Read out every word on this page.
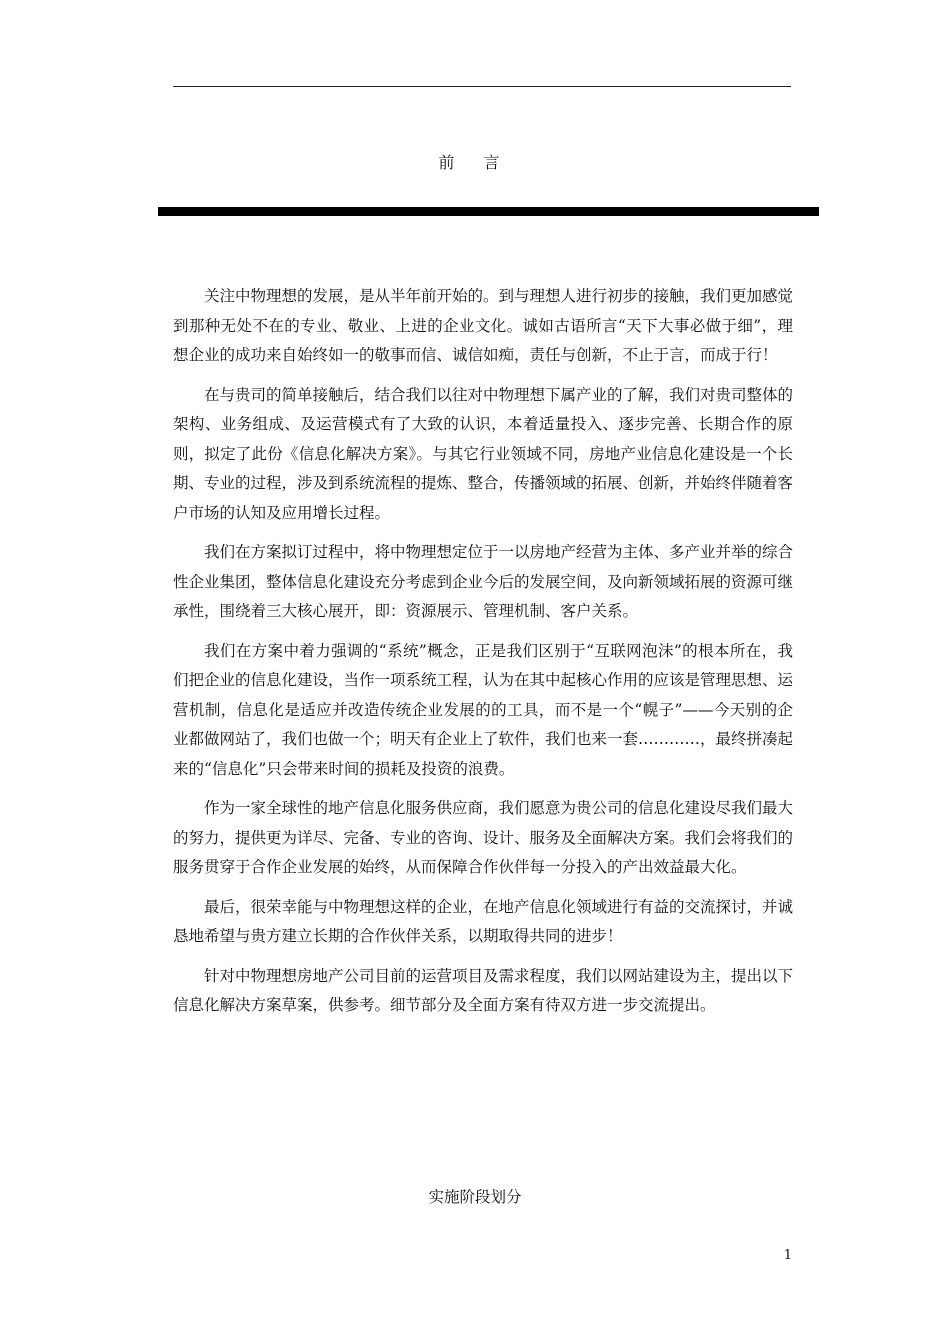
前 言

关注中物理想的发展，是从半年前开始的。到与理想人进行初步的接触，我们更加感觉到那种无处不在的专业、敬业、上进的企业文化。诚如古语所言“天下大事必做于细”，理想企业的成功来自始终如一的敬事而信、诚信如痴，责任与创新，不止于言，而成于行！

在与贵司的简单接触后，结合我们以往对中物理想下属产业的了解，我们对贵司整体的架构、业务组成、及运营模式有了大致的认识，本着适量投入、逐步完善、长期合作的原则，拟定了此份《信息化解决方案》。与其它行业领域不同，房地产业信息化建设是一个长期、专业的过程，涉及到系统流程的提炼、整合，传播领域的拓展、创新，并始终伴随着客户市场的认知及应用增长过程。

我们在方案拟订过程中，将中物理想定位于一以房地产经营为主体、多产业并举的综合性企业集团，整体信息化建设充分考虑到企业今后的发展空间，及向新领域拓展的资源可继承性，围绕着三大核心展开，即：资源展示、管理机制、客户关系。

我们在方案中着力强调的“系统”概念，正是我们区别于“互联网泡沫”的根本所在，我们把企业的信息化建设，当作一项系统工程，认为在其中起核心作用的应该是管理思想、运营机制，信息化是适应并改造传统企业发展的的工具，而不是一个“幌子”——今天别的企业都做网站了，我们也做一个；明天有企业上了软件，我们也来一套…………，最终拼凑起来的“信息化”只会带来时间的损耗及投资的浪费。

作为一家全球性的地产信息化服务供应商，我们愿意为贵公司的信息化建设尽我们最大的努力，提供更为详尽、完备、专业的咨询、设计、服务及全面解决方案。我们会将我们的服务贯穿于合作企业发展的始终，从而保障合作伙伴每一分投入的产出效益最大化。

最后，很荣幸能与中物理想这样的企业，在地产信息化领域进行有益的交流探讨，并诚恳地希望与贵方建立长期的合作伙伴关系，以期取得共同的进步！

针对中物理想房地产公司目前的运营项目及需求程度，我们以网站建设为主，提出以下信息化解决方案草案，供参考。细节部分及全面方案有待双方进一步交流提出。

实施阶段划分
1
